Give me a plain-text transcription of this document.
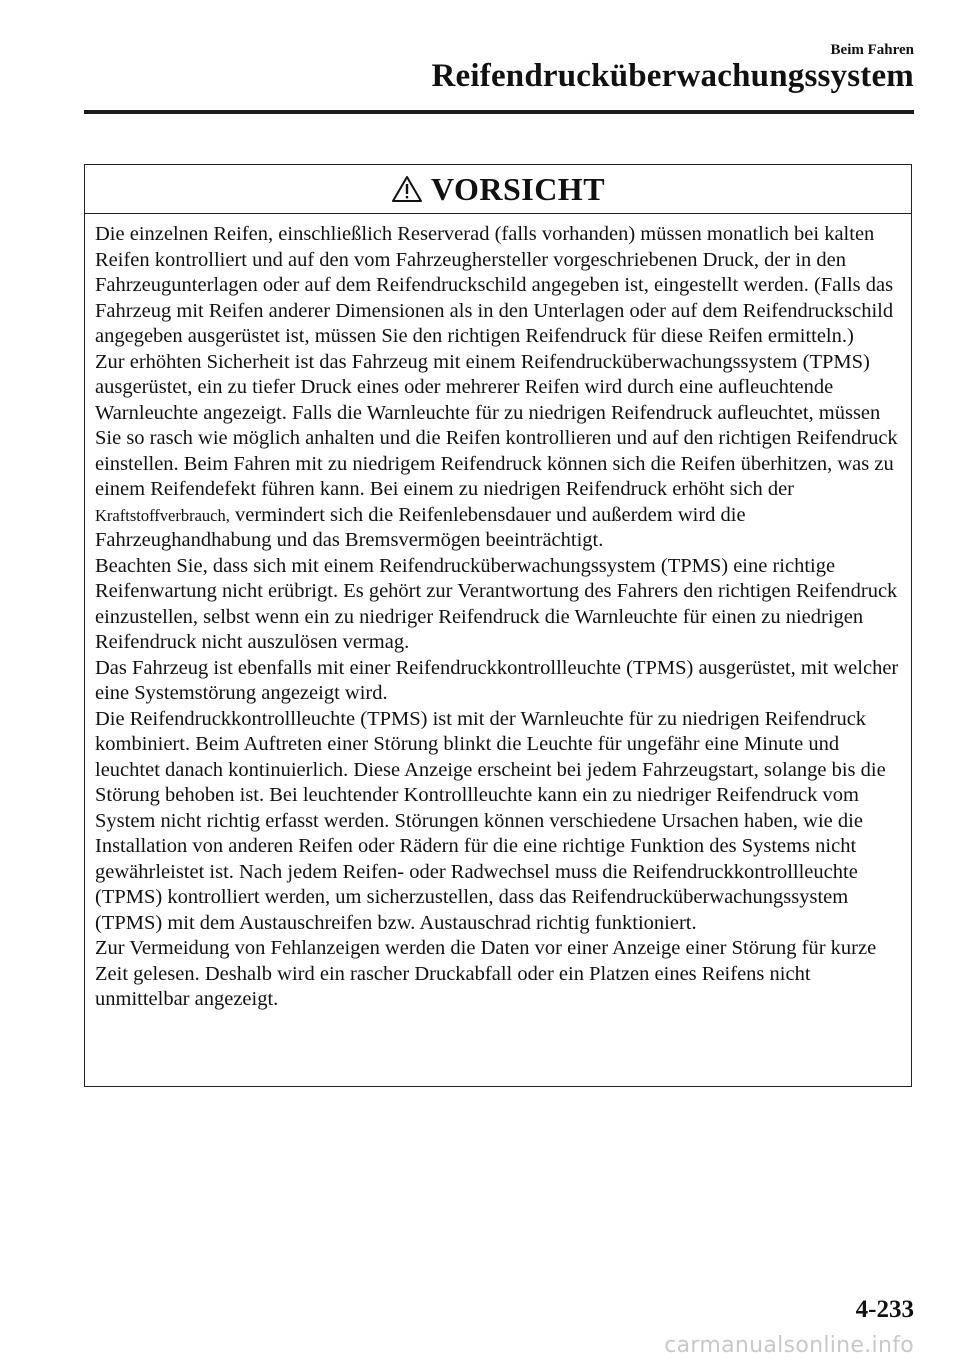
Beim Fahren
Reifendrucküberwachungssystem
VORSICHT
Die einzelnen Reifen, einschließlich Reserverad (falls vorhanden) müssen monatlich bei kalten Reifen kontrolliert und auf den vom Fahrzeughersteller vorgeschriebenen Druck, der in den Fahrzeugunterlagen oder auf dem Reifendruckschild angegeben ist, eingestellt werden. (Falls das Fahrzeug mit Reifen anderer Dimensionen als in den Unterlagen oder auf dem Reifendruckschild angegeben ausgerüstet ist, müssen Sie den richtigen Reifendruck für diese Reifen ermitteln.)
Zur erhöhten Sicherheit ist das Fahrzeug mit einem Reifendrucküberwachungssystem (TPMS) ausgerüstet, ein zu tiefer Druck eines oder mehrerer Reifen wird durch eine aufleuchtende Warnleuchte angezeigt. Falls die Warnleuchte für zu niedrigen Reifendruck aufleuchtet, müssen Sie so rasch wie möglich anhalten und die Reifen kontrollieren und auf den richtigen Reifendruck einstellen. Beim Fahren mit zu niedrigem Reifendruck können sich die Reifen überhitzen, was zu einem Reifendefekt führen kann. Bei einem zu niedrigen Reifendruck erhöht sich der Kraftstoffverbrauch, vermindert sich die Reifenlebensdauer und außerdem wird die Fahrzeughandhabung und das Bremsvermögen beeinträchtigt.
Beachten Sie, dass sich mit einem Reifendrucküberwachungssystem (TPMS) eine richtige Reifenwartung nicht erübrigt. Es gehört zur Verantwortung des Fahrers den richtigen Reifendruck einzustellen, selbst wenn ein zu niedriger Reifendruck die Warnleuchte für einen zu niedrigen Reifendruck nicht auszulösen vermag.
Das Fahrzeug ist ebenfalls mit einer Reifendruckkontrollleuchte (TPMS) ausgerüstet, mit welcher eine Systemstörung angezeigt wird.
Die Reifendruckkontrollleuchte (TPMS) ist mit der Warnleuchte für zu niedrigen Reifendruck kombiniert. Beim Auftreten einer Störung blinkt die Leuchte für ungefähr eine Minute und leuchtet danach kontinuierlich. Diese Anzeige erscheint bei jedem Fahrzeugstart, solange bis die Störung behoben ist. Bei leuchtender Kontrollleuchte kann ein zu niedriger Reifendruck vom System nicht richtig erfasst werden. Störungen können verschiedene Ursachen haben, wie die Installation von anderen Reifen oder Rädern für die eine richtige Funktion des Systems nicht gewährleistet ist. Nach jedem Reifen- oder Radwechsel muss die Reifendruckkontrollleuchte (TPMS) kontrolliert werden, um sicherzustellen, dass das Reifendrucküberwachungssystem (TPMS) mit dem Austauschreifen bzw. Austauschrad richtig funktioniert.
Zur Vermeidung von Fehlanzeigen werden die Daten vor einer Anzeige einer Störung für kurze Zeit gelesen. Deshalb wird ein rascher Druckabfall oder ein Platzen eines Reifens nicht unmittelbar angezeigt.
4-233
carmanualsonline.info
